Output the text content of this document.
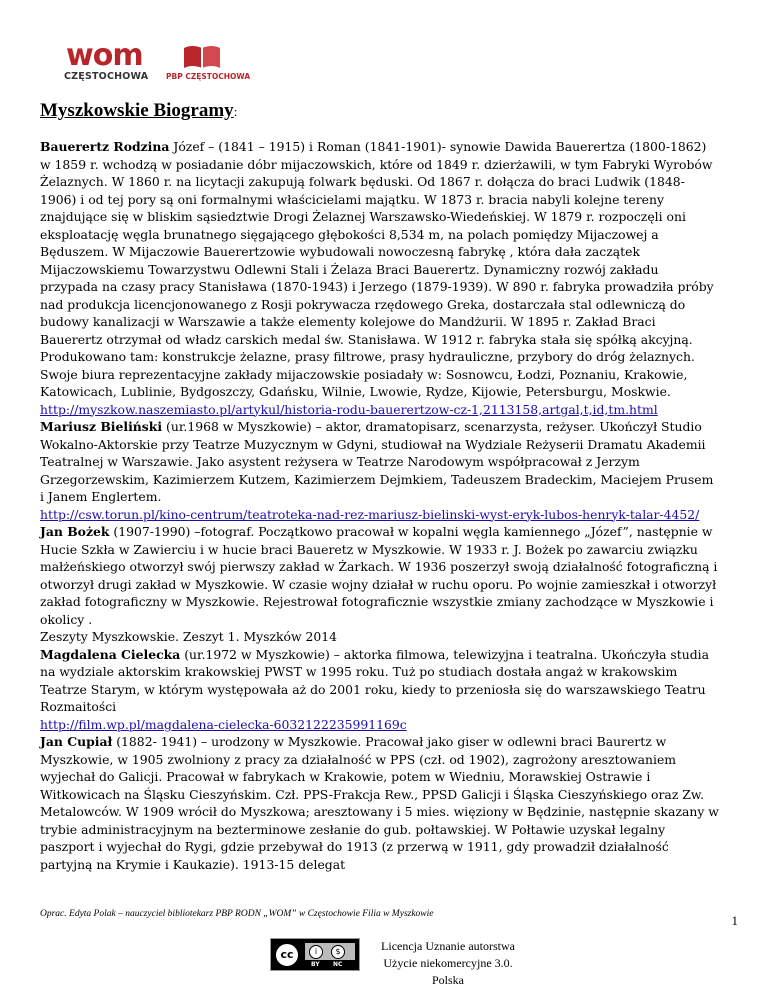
wom
CZĘSTOCHOWA PBP CZĘSTOCHOWA
Myszkowskie Biogramy:

Bauerertz Rodzina Józef – (1841 – 1915) i Roman (1841-1901)- synowie Dawida Bauerertza (1800-1862) w 1859 r. wchodzą w posiadanie dóbr mijaczowskich, które od 1849 r. dzierżawili, w tym Fabryki Wyrobów Żelaznych. W 1860 r. na licytacji zakupują folwark będuski. Od 1867 r. dołącza do braci Ludwik (1848-1906) i od tej pory są oni formalnymi właścicielami majątku. W 1873 r. bracia nabyli kolejne tereny znajdujące się w bliskim sąsiedztwie Drogi Żelaznej Warszawsko-Wiedeńskiej. W 1879 r. rozpoczęli oni eksploatację węgla brunatnego sięgającego głębokości 8,534 m, na polach pomiędzy Mijaczowej a Będuszem. W Mijaczowie Bauerertzowie wybudowali nowoczesną fabrykę , która dała zaczątek Mijaczowskiemu Towarzystwu Odlewni Stali i Żelaza Braci Bauerertz. Dynamiczny rozwój zakładu przypada na czasy pracy Stanisława (1870-1943) i Jerzego (1879-1939). W 890 r. fabryka prowadziła próby nad produkcja licencjonowanego z Rosji pokrywacza rzędowego Greka, dostarczała stal odlewniczą do budowy kanalizacji w Warszawie a także elementy kolejowe do Mandżurii. W 1895 r. Zakład Braci Bauerertz otrzymał od władz carskich medal św. Stanisława. W 1912 r. fabryka stała się spółką akcyjną. Produkowano tam: konstrukcje żelazne, prasy filtrowe, prasy hydrauliczne, przybory do dróg żelaznych. Swoje biura reprezentacyjne zakłady mijaczowskie posiadały w: Sosnowcu, Łodzi, Poznaniu, Krakowie, Katowicach, Lublinie, Bydgoszczy, Gdańsku, Wilnie, Lwowie, Rydze, Kijowie, Petersburgu, Moskwie.

http://myszkow.naszemiasto.pl/artykul/historia-rodu-bauerertzow-cz-1,2113158,artgal,t,id,tm.html

Mariusz Bieliński (ur.1968 w Myszkowie) – aktor, dramatopisarz, scenarzysta, reżyser. Ukończył Studio Wokalno-Aktorskie przy Teatrze Muzycznym w Gdyni, studiował na Wydziale Reżyserii Dramatu Akademii Teatralnej w Warszawie. Jako asystent reżysera w Teatrze Narodowym współpracował z Jerzym Grzegorzewskim, Kazimierzem Kutzem, Kazimierzem Dejmkiem, Tadeuszem Bradeckim, Maciejem Prusem i Janem Englertem.

http://csw.torun.pl/kino-centrum/teatroteka-nad-rez-mariusz-bielinski-wyst-eryk-lubos-henryk-talar-4452/

Jan Bożek (1907-1990) –fotograf. Początkowo pracował w kopalni węgla kamiennego „Józef”, następnie w Hucie Szkła w Zawierciu i w hucie braci Baueretz w Myszkowie. W 1933 r. J. Bożek po zawarciu związku małżeńskiego otworzył swój pierwszy zakład w Żarkach. W 1936 poszerzył swoją działalność fotograficzną i otworzył drugi zakład w Myszkowie. W czasie wojny działał w ruchu oporu. Po wojnie zamieszkał i otworzył zakład fotograficzny w Myszkowie. Rejestrował fotograficznie wszystkie zmiany zachodzące w Myszkowie i okolicy .

Zeszyty Myszkowskie. Zeszyt 1. Myszków 2014

Magdalena Cielecka (ur.1972 w Myszkowie) – aktorka filmowa, telewizyjna i teatralna. Ukończyła studia na wydziale aktorskim krakowskiej PWST w 1995 roku. Tuż po studiach dostała angaż w krakowskim Teatrze Starym, w którym występowała aż do 2001 roku, kiedy to przeniosła się do warszawskiego Teatru Rozmaitości

http://film.wp.pl/magdalena-cielecka-6032122235991169c

Jan Cupiał (1882- 1941) – urodzony w Myszkowie. Pracował jako giser w odlewni braci Baurertz w Myszkowie, w 1905 zwolniony z pracy za działalność w PPS (czł. od 1902), zagrożony aresztowaniem wyjechał do Galicji. Pracował w fabrykach w Krakowie, potem w Wiedniu, Morawskiej Ostrawie i Witkowicach na Śląsku Cieszyńskim. Czł. PPS-Frakcja Rew., PPSD Galicji i Śląska Cieszyńskiego oraz Zw. Metalowców. W 1909 wrócił do Myszkowa; aresztowany i 5 mies. więziony w Będzinie, następnie skazany w trybie administracyjnym na bezterminowe zesłanie do gub. połtawskiej. W Połtawie uzyskał legalny paszport i wyjechał do Rygi, gdzie przebywał do 1913 (z przerwą w 1911, gdy prowadził działalność partyjną na Krymie i Kaukazie). 1913-15 delegat

Oprac. Edyta Polak – nauczyciel bibliotekarz PBP RODN „WOM” w Częstochowie Filia w Myszkowie	1
cc	i	$
BY NC
Licencja Uznanie autorstwa
Użycie niekomercyjne 3.0. Polska
